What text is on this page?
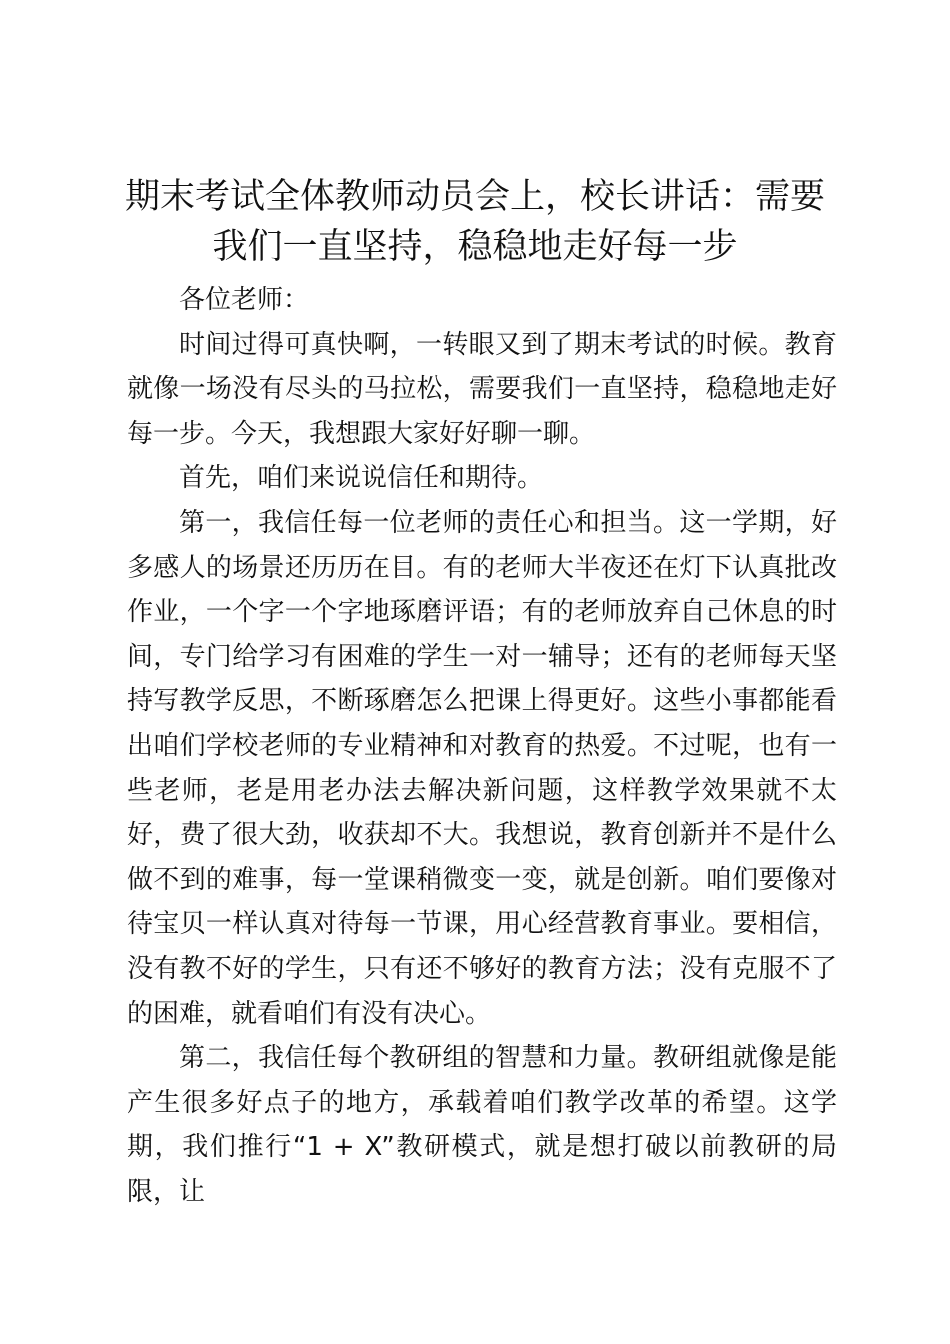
期末考试全体教师动员会上，校长讲话：需要
我们一直坚持，稳稳地走好每一步

各位老师：

时间过得可真快啊，一转眼又到了期末考试的时候。教育就像一场没有尽头的马拉松，需要我们一直坚持，稳稳地走好每一步。今天，我想跟大家好好聊一聊。

首先，咱们来说说信任和期待。

第一，我信任每一位老师的责任心和担当。这一学期，好多感人的场景还历历在目。有的老师大半夜还在灯下认真批改作业，一个字一个字地琢磨评语；有的老师放弃自己休息的时间，专门给学习有困难的学生一对一辅导；还有的老师每天坚持写教学反思，不断琢磨怎么把课上得更好。这些小事都能看出咱们学校老师的专业精神和对教育的热爱。不过呢，也有一些老师，老是用老办法去解决新问题，这样教学效果就不太好，费了很大劲，收获却不大。我想说，教育创新并不是什么做不到的难事，每一堂课稍微变一变，就是创新。咱们要像对待宝贝一样认真对待每一节课，用心经营教育事业。要相信，没有教不好的学生，只有还不够好的教育方法；没有克服不了的困难，就看咱们有没有决心。

第二，我信任每个教研组的智慧和力量。教研组就像是能产生很多好点子的地方，承载着咱们教学改革的希望。这学期，我们推行“1 + X”教研模式，就是想打破以前教研的局限，让
